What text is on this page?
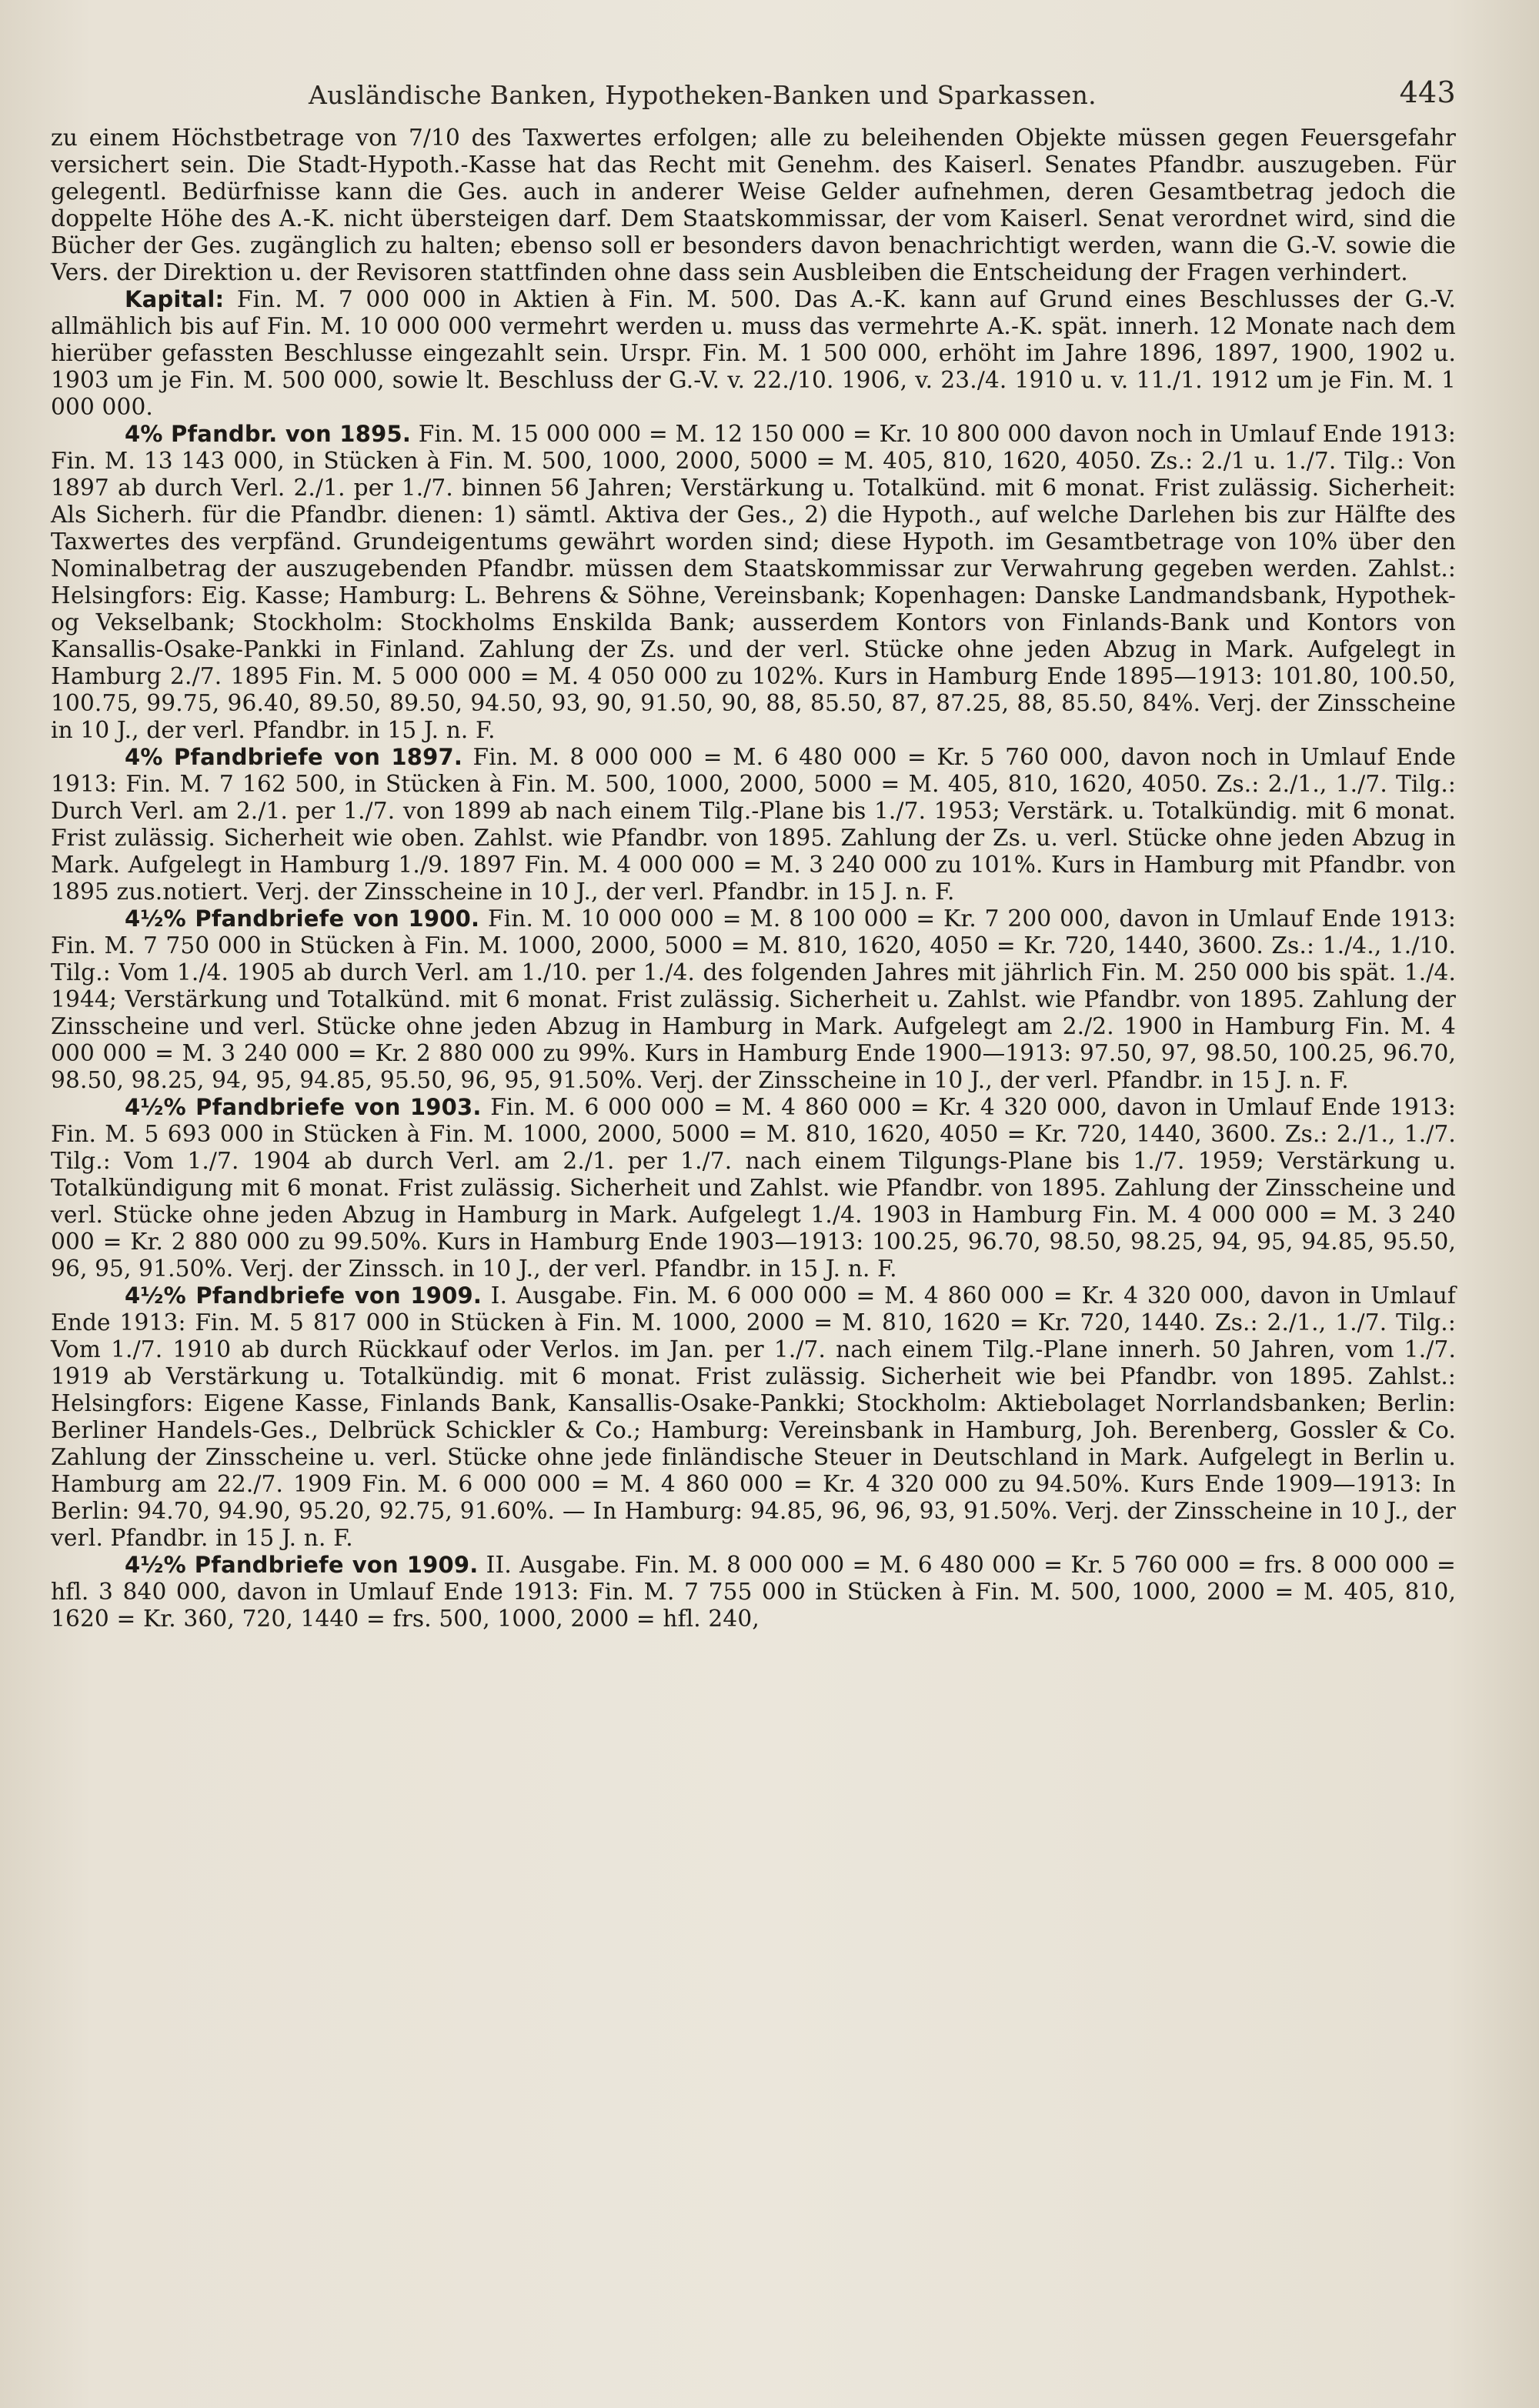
Ausländische Banken, Hypotheken-Banken und Sparkassen.	443

zu einem Höchstbetrage von 7/10 des Taxwertes erfolgen; alle zu beleihenden Objekte müssen gegen Feuersgefahr versichert sein. Die Stadt-Hypoth.-Kasse hat das Recht mit Genehm. des Kaiserl. Senates Pfandbr. auszugeben. Für gelegentl. Bedürfnisse kann die Ges. auch in anderer Weise Gelder aufnehmen, deren Gesamtbetrag jedoch die doppelte Höhe des A.-K. nicht übersteigen darf. Dem Staatskommissar, der vom Kaiserl. Senat verordnet wird, sind die Bücher der Ges. zugänglich zu halten; ebenso soll er besonders davon benachrichtigt werden, wann die G.-V. sowie die Vers. der Direktion u. der Revisoren stattfinden ohne dass sein Ausbleiben die Entscheidung der Fragen verhindert.

Kapital: Fin. M. 7 000 000 in Aktien à Fin. M. 500. Das A.-K. kann auf Grund eines Beschlusses der G.-V. allmählich bis auf Fin. M. 10 000 000 vermehrt werden u. muss das vermehrte A.-K. spät. innerh. 12 Monate nach dem hierüber gefassten Beschlusse eingezahlt sein. Urspr. Fin. M. 1 500 000, erhöht im Jahre 1896, 1897, 1900, 1902 u. 1903 um je Fin. M. 500 000, sowie lt. Beschluss der G.-V. v. 22./10. 1906, v. 23./4. 1910 u. v. 11./1. 1912 um je Fin. M. 1 000 000.

4% Pfandbr. von 1895. Fin. M. 15 000 000 = M. 12 150 000 = Kr. 10 800 000 davon noch in Umlauf Ende 1913: Fin. M. 13 143 000, in Stücken à Fin. M. 500, 1000, 2000, 5000 = M. 405, 810, 1620, 4050. Zs.: 2./1 u. 1./7. Tilg.: Von 1897 ab durch Verl. 2./1. per 1./7. binnen 56 Jahren; Verstärkung u. Totalkünd. mit 6 monat. Frist zulässig. Sicherheit: Als Sicherh. für die Pfandbr. dienen: 1) sämtl. Aktiva der Ges., 2) die Hypoth., auf welche Darlehen bis zur Hälfte des Taxwertes des verpfänd. Grundeigentums gewährt worden sind; diese Hypoth. im Gesamtbetrage von 10% über den Nominalbetrag der auszugebenden Pfandbr. müssen dem Staatskommissar zur Verwahrung gegeben werden. Zahlst.: Helsingfors: Eig. Kasse; Hamburg: L. Behrens & Söhne, Vereinsbank; Kopenhagen: Danske Landmandsbank, Hypothek- og Vekselbank; Stockholm: Stockholms Enskilda Bank; ausserdem Kontors von Finlands-Bank und Kontors von Kansallis-Osake-Pankki in Finland. Zahlung der Zs. und der verl. Stücke ohne jeden Abzug in Mark. Aufgelegt in Hamburg 2./7. 1895 Fin. M. 5 000 000 = M. 4 050 000 zu 102%. Kurs in Hamburg Ende 1895—1913: 101.80, 100.50, 100.75, 99.75, 96.40, 89.50, 89.50, 94.50, 93, 90, 91.50, 90, 88, 85.50, 87, 87.25, 88, 85.50, 84%. Verj. der Zinsscheine in 10 J., der verl. Pfandbr. in 15 J. n. F.

4% Pfandbriefe von 1897. Fin. M. 8 000 000 = M. 6 480 000 = Kr. 5 760 000, davon noch in Umlauf Ende 1913: Fin. M. 7 162 500, in Stücken à Fin. M. 500, 1000, 2000, 5000 = M. 405, 810, 1620, 4050. Zs.: 2./1., 1./7. Tilg.: Durch Verl. am 2./1. per 1./7. von 1899 ab nach einem Tilg.-Plane bis 1./7. 1953; Verstärk. u. Totalkündig. mit 6 monat. Frist zulässig. Sicherheit wie oben. Zahlst. wie Pfandbr. von 1895. Zahlung der Zs. u. verl. Stücke ohne jeden Abzug in Mark. Aufgelegt in Hamburg 1./9. 1897 Fin. M. 4 000 000 = M. 3 240 000 zu 101%. Kurs in Hamburg mit Pfandbr. von 1895 zus.notiert. Verj. der Zinsscheine in 10 J., der verl. Pfandbr. in 15 J. n. F.

4½% Pfandbriefe von 1900. Fin. M. 10 000 000 = M. 8 100 000 = Kr. 7 200 000, davon in Umlauf Ende 1913: Fin. M. 7 750 000 in Stücken à Fin. M. 1000, 2000, 5000 = M. 810, 1620, 4050 = Kr. 720, 1440, 3600. Zs.: 1./4., 1./10. Tilg.: Vom 1./4. 1905 ab durch Verl. am 1./10. per 1./4. des folgenden Jahres mit jährlich Fin. M. 250 000 bis spät. 1./4. 1944; Verstärkung und Totalkünd. mit 6 monat. Frist zulässig. Sicherheit u. Zahlst. wie Pfandbr. von 1895. Zahlung der Zinsscheine und verl. Stücke ohne jeden Abzug in Hamburg in Mark. Aufgelegt am 2./2. 1900 in Hamburg Fin. M. 4 000 000 = M. 3 240 000 = Kr. 2 880 000 zu 99%. Kurs in Hamburg Ende 1900—1913: 97.50, 97, 98.50, 100.25, 96.70, 98.50, 98.25, 94, 95, 94.85, 95.50, 96, 95, 91.50%. Verj. der Zinsscheine in 10 J., der verl. Pfandbr. in 15 J. n. F.

4½% Pfandbriefe von 1903. Fin. M. 6 000 000 = M. 4 860 000 = Kr. 4 320 000, davon in Umlauf Ende 1913: Fin. M. 5 693 000 in Stücken à Fin. M. 1000, 2000, 5000 = M. 810, 1620, 4050 = Kr. 720, 1440, 3600. Zs.: 2./1., 1./7. Tilg.: Vom 1./7. 1904 ab durch Verl. am 2./1. per 1./7. nach einem Tilgungs-Plane bis 1./7. 1959; Verstärkung u. Totalkündigung mit 6 monat. Frist zulässig. Sicherheit und Zahlst. wie Pfandbr. von 1895. Zahlung der Zinsscheine und verl. Stücke ohne jeden Abzug in Hamburg in Mark. Aufgelegt 1./4. 1903 in Hamburg Fin. M. 4 000 000 = M. 3 240 000 = Kr. 2 880 000 zu 99.50%. Kurs in Hamburg Ende 1903—1913: 100.25, 96.70, 98.50, 98.25, 94, 95, 94.85, 95.50, 96, 95, 91.50%. Verj. der Zinssch. in 10 J., der verl. Pfandbr. in 15 J. n. F.

4½% Pfandbriefe von 1909. I. Ausgabe. Fin. M. 6 000 000 = M. 4 860 000 = Kr. 4 320 000, davon in Umlauf Ende 1913: Fin. M. 5 817 000 in Stücken à Fin. M. 1000, 2000 = M. 810, 1620 = Kr. 720, 1440. Zs.: 2./1., 1./7. Tilg.: Vom 1./7. 1910 ab durch Rückkauf oder Verlos. im Jan. per 1./7. nach einem Tilg.-Plane innerh. 50 Jahren, vom 1./7. 1919 ab Verstärkung u. Totalkündig. mit 6 monat. Frist zulässig. Sicherheit wie bei Pfandbr. von 1895. Zahlst.: Helsingfors: Eigene Kasse, Finlands Bank, Kansallis-Osake-Pankki; Stockholm: Aktiebolaget Norrlandsbanken; Berlin: Berliner Handels-Ges., Delbrück Schickler & Co.; Hamburg: Vereinsbank in Hamburg, Joh. Berenberg, Gossler & Co. Zahlung der Zinsscheine u. verl. Stücke ohne jede finländische Steuer in Deutschland in Mark. Aufgelegt in Berlin u. Hamburg am 22./7. 1909 Fin. M. 6 000 000 = M. 4 860 000 = Kr. 4 320 000 zu 94.50%. Kurs Ende 1909—1913: In Berlin: 94.70, 94.90, 95.20, 92.75, 91.60%. — In Hamburg: 94.85, 96, 96, 93, 91.50%. Verj. der Zinsscheine in 10 J., der verl. Pfandbr. in 15 J. n. F.

4½% Pfandbriefe von 1909. II. Ausgabe. Fin. M. 8 000 000 = M. 6 480 000 = Kr. 5 760 000 = frs. 8 000 000 = hfl. 3 840 000, davon in Umlauf Ende 1913: Fin. M. 7 755 000 in Stücken à Fin. M. 500, 1000, 2000 = M. 405, 810, 1620 = Kr. 360, 720, 1440 = frs. 500, 1000, 2000 = hfl. 240,
